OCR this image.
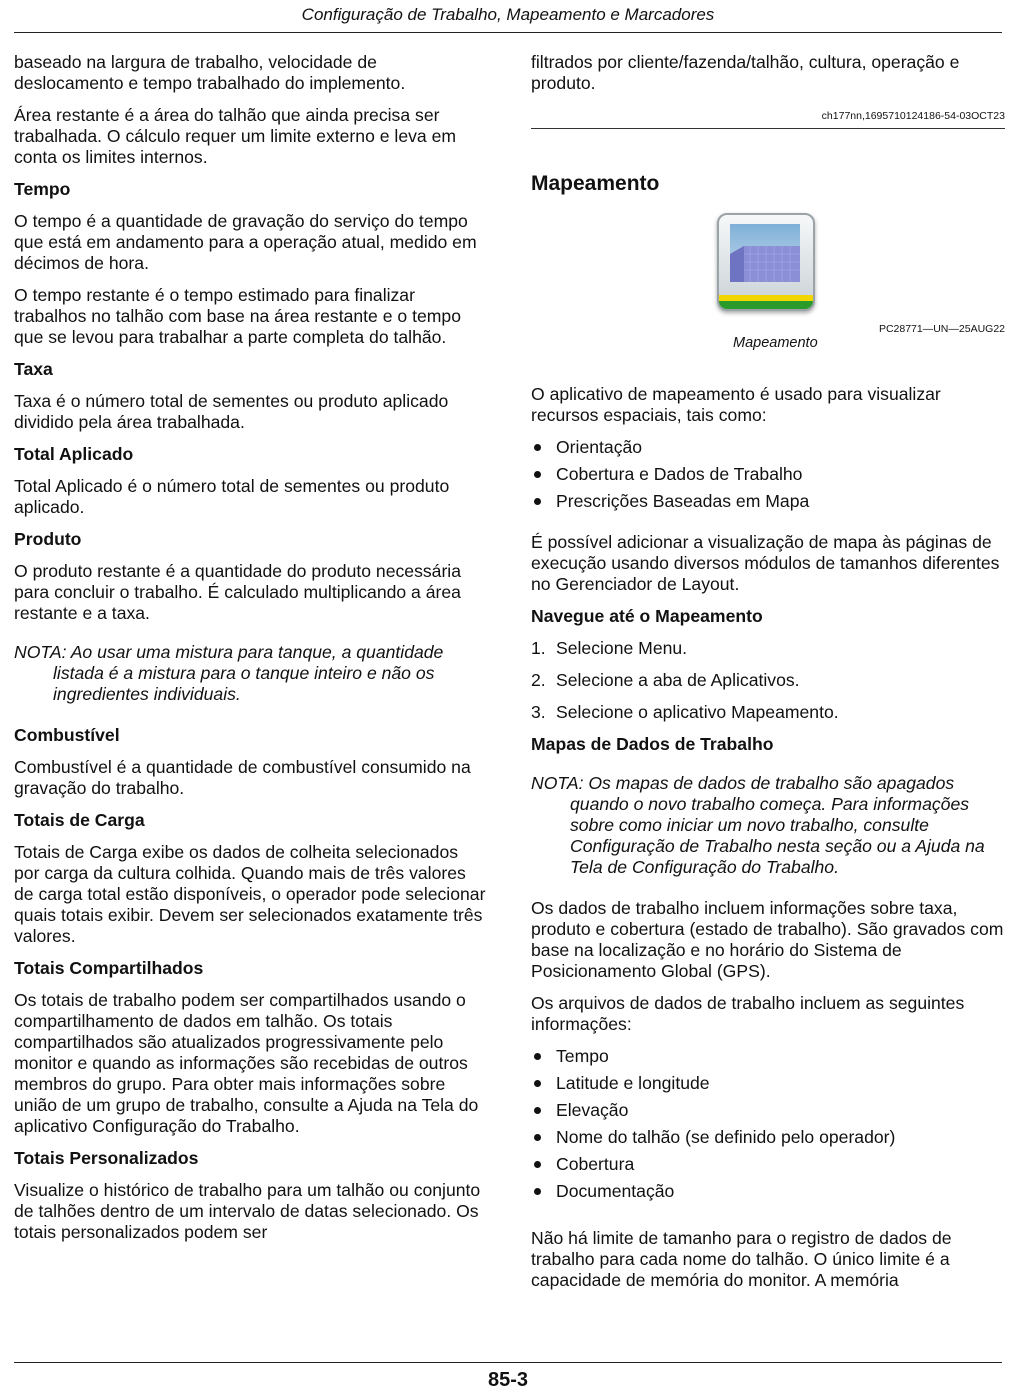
Configuração de Trabalho, Mapeamento e Marcadores

baseado na largura de trabalho, velocidade de deslocamento e tempo trabalhado do implemento.

Área restante é a área do talhão que ainda precisa ser trabalhada. O cálculo requer um limite externo e leva em conta os limites internos.

Tempo

O tempo é a quantidade de gravação do serviço do tempo que está em andamento para a operação atual, medido em décimos de hora.

O tempo restante é o tempo estimado para finalizar trabalhos no talhão com base na área restante e o tempo que se levou para trabalhar a parte completa do talhão.

Taxa

Taxa é o número total de sementes ou produto aplicado dividido pela área trabalhada.

Total Aplicado

Total Aplicado é o número total de sementes ou produto aplicado.

Produto

O produto restante é a quantidade do produto necessária para concluir o trabalho. É calculado multiplicando a área restante e a taxa.

NOTA: Ao usar uma mistura para tanque, a quantidade listada é a mistura para o tanque inteiro e não os ingredientes individuais.

Combustível

Combustível é a quantidade de combustível consumido na gravação do trabalho.

Totais de Carga

Totais de Carga exibe os dados de colheita selecionados por carga da cultura colhida. Quando mais de três valores de carga total estão disponíveis, o operador pode selecionar quais totais exibir. Devem ser selecionados exatamente três valores.

Totais Compartilhados

Os totais de trabalho podem ser compartilhados usando o compartilhamento de dados em talhão. Os totais compartilhados são atualizados progressivamente pelo monitor e quando as informações são recebidas de outros membros do grupo. Para obter mais informações sobre união de um grupo de trabalho, consulte a Ajuda na Tela do aplicativo Configuração do Trabalho.

Totais Personalizados

Visualize o histórico de trabalho para um talhão ou conjunto de talhões dentro de um intervalo de datas selecionado. Os totais personalizados podem ser

filtrados por cliente/fazenda/talhão, cultura, operação e produto.

ch177nn,1695710124186-54-03OCT23
Mapeamento
PC28771—UN—25AUG22
Mapeamento

O aplicativo de mapeamento é usado para visualizar recursos espaciais, tais como:

Orientação
Cobertura e Dados de Trabalho
Prescrições Baseadas em Mapa

É possível adicionar a visualização de mapa às páginas de execução usando diversos módulos de tamanhos diferentes no Gerenciador de Layout.

Navegue até o Mapeamento
1. Selecione Menu.
2. Selecione a aba de Aplicativos.
3. Selecione o aplicativo Mapeamento.
Mapas de Dados de Trabalho

NOTA: Os mapas de dados de trabalho são apagados quando o novo trabalho começa. Para informações sobre como iniciar um novo trabalho, consulte Configuração de Trabalho nesta seção ou a Ajuda na Tela de Configuração do Trabalho.

Os dados de trabalho incluem informações sobre taxa, produto e cobertura (estado de trabalho). São gravados com base na localização e no horário do Sistema de Posicionamento Global (GPS).

Os arquivos de dados de trabalho incluem as seguintes informações:

Tempo
Latitude e longitude
Elevação
Nome do talhão (se definido pelo operador)
Cobertura
Documentação

Não há limite de tamanho para o registro de dados de trabalho para cada nome do talhão. O único limite é a capacidade de memória do monitor. A memória

85-3
